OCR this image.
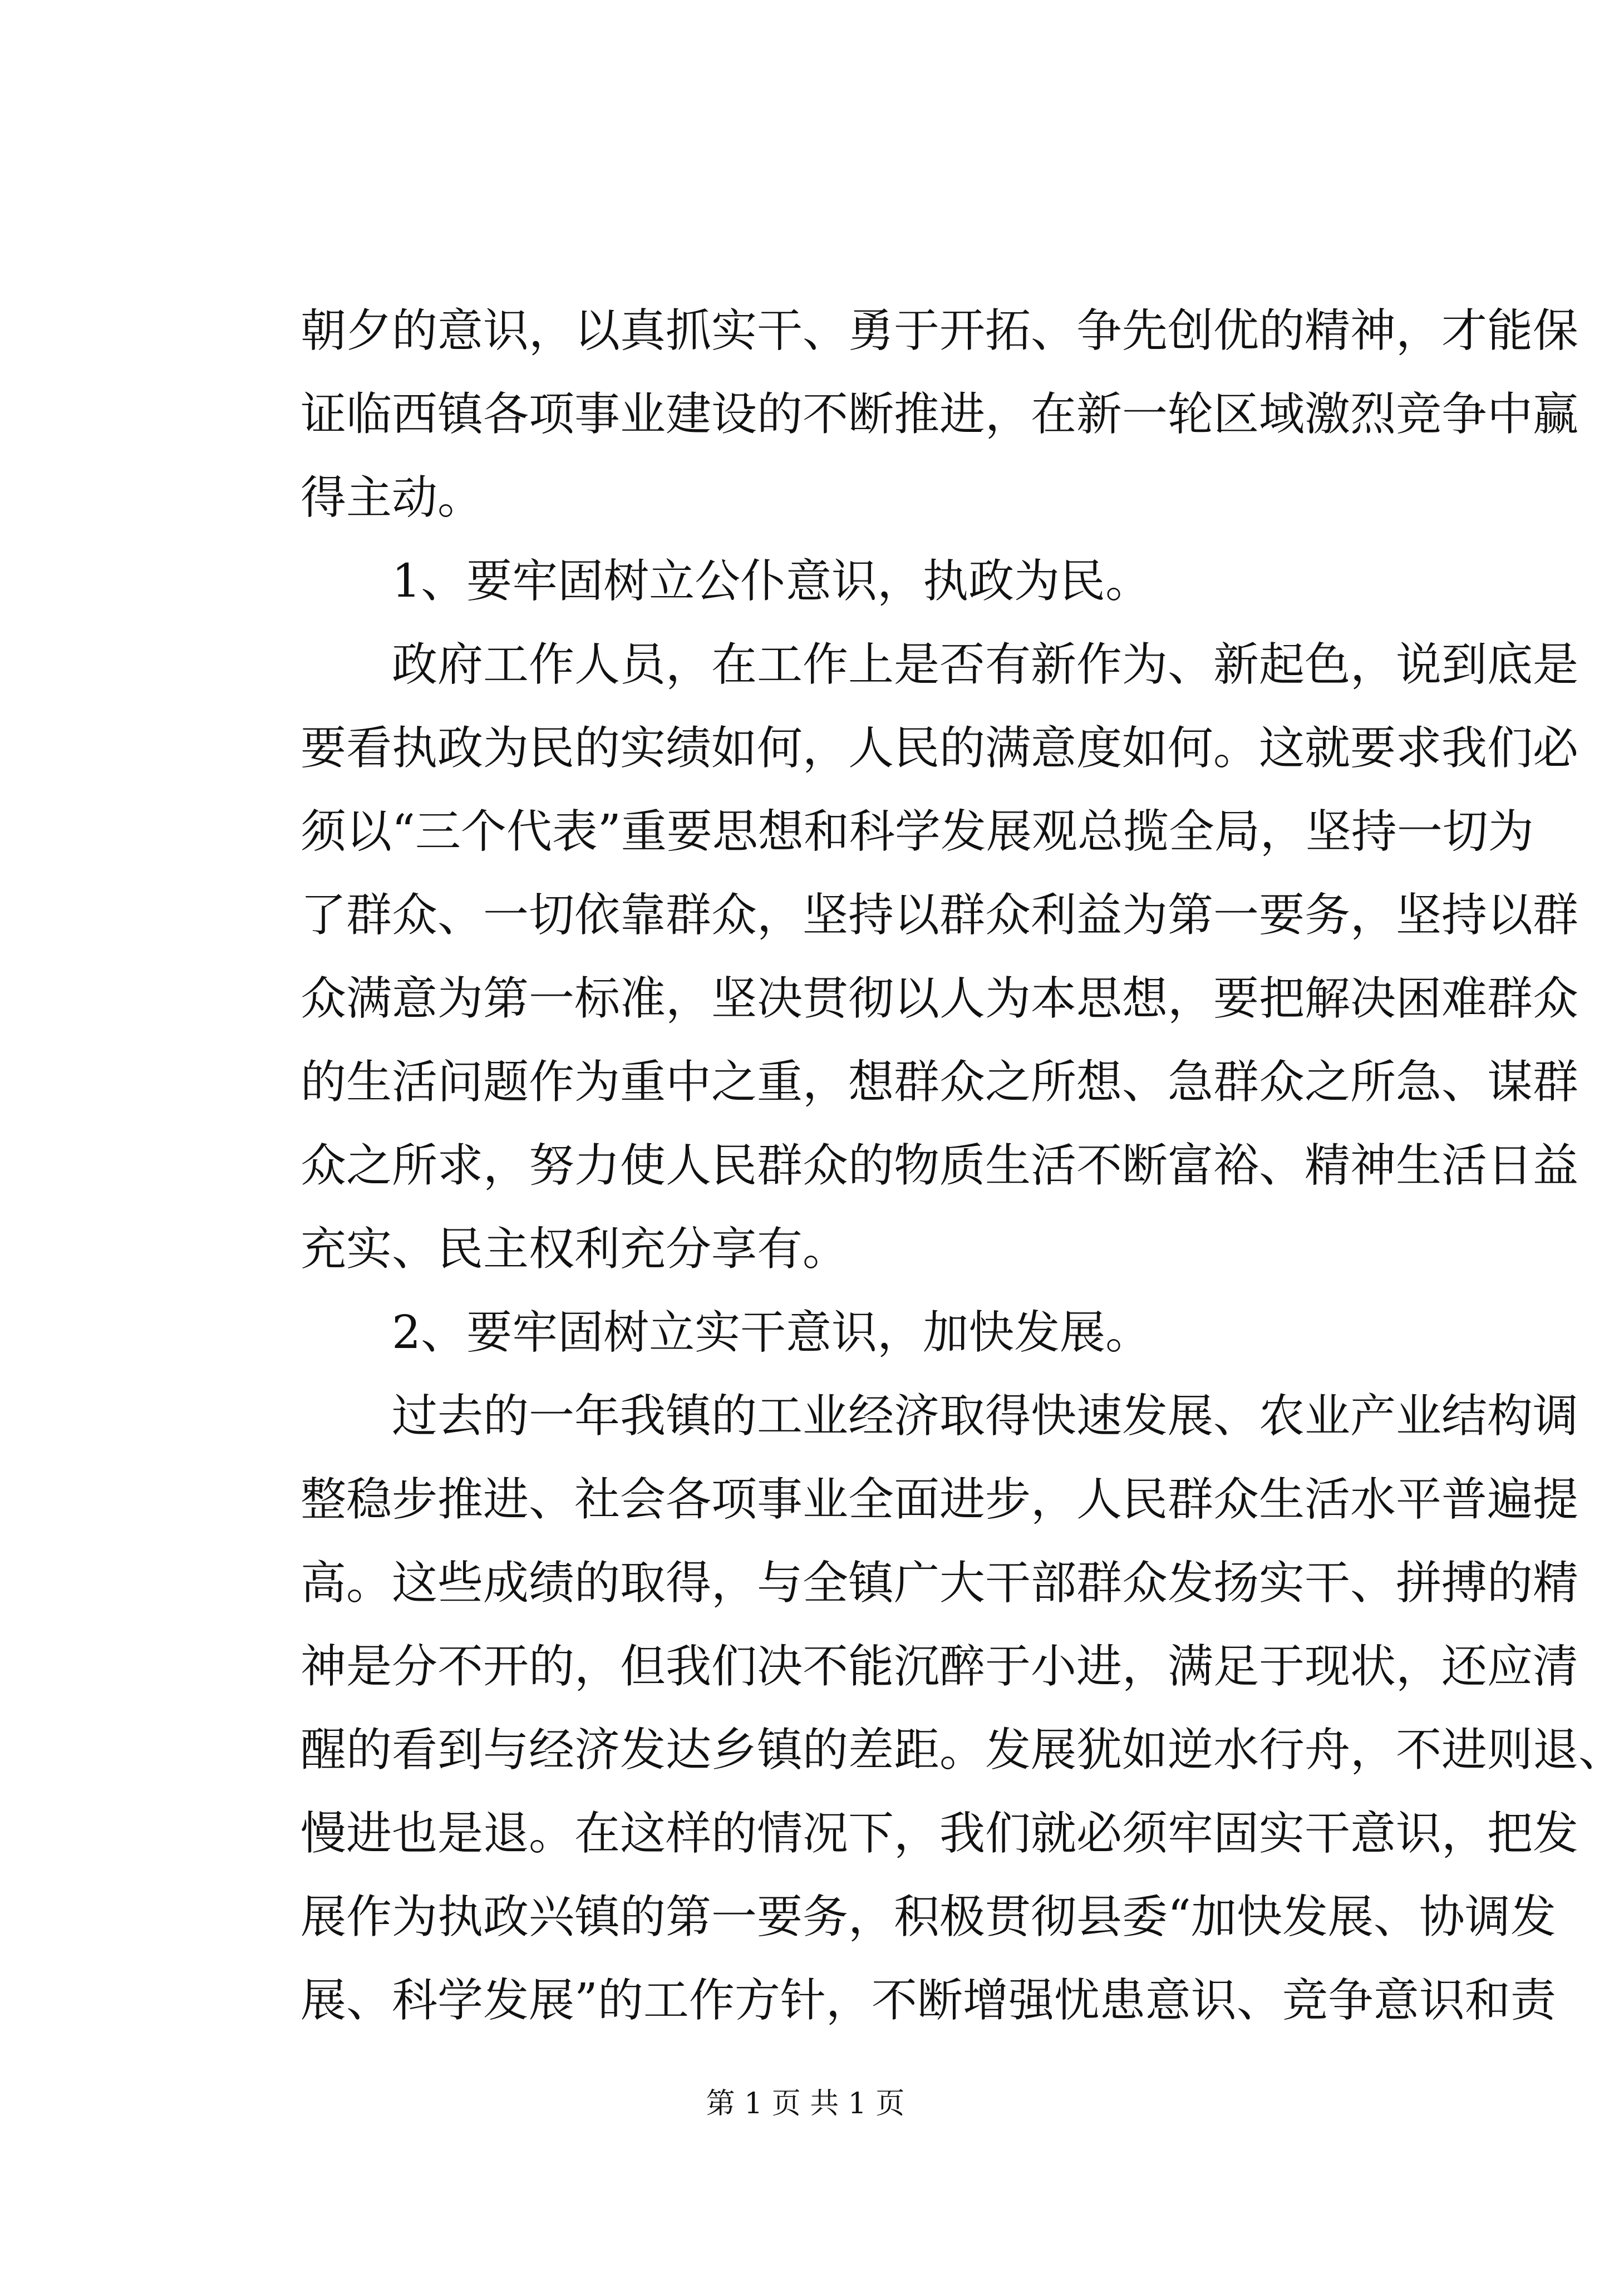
朝夕的意识，以真抓实干、勇于开拓、争先创优的精神，才能保
证临西镇各项事业建设的不断推进，在新一轮区域激烈竞争中赢
得主动。
1、要牢固树立公仆意识，执政为民。
政府工作人员，在工作上是否有新作为、新起色，说到底是
要看执政为民的实绩如何，人民的满意度如何。这就要求我们必
须以“三个代表”重要思想和科学发展观总揽全局，坚持一切为
了群众、一切依靠群众，坚持以群众利益为第一要务，坚持以群
众满意为第一标准，坚决贯彻以人为本思想，要把解决困难群众
的生活问题作为重中之重，想群众之所想、急群众之所急、谋群
众之所求，努力使人民群众的物质生活不断富裕、精神生活日益
充实、民主权利充分享有。
2、要牢固树立实干意识，加快发展。
过去的一年我镇的工业经济取得快速发展、农业产业结构调
整稳步推进、社会各项事业全面进步，人民群众生活水平普遍提
高。这些成绩的取得，与全镇广大干部群众发扬实干、拼搏的精
神是分不开的，但我们决不能沉醉于小进，满足于现状，还应清
醒的看到与经济发达乡镇的差距。发展犹如逆水行舟，不进则退、
慢进也是退。在这样的情况下，我们就必须牢固实干意识，把发
展作为执政兴镇的第一要务，积极贯彻县委“加快发展、协调发
展、科学发展”的工作方针，不断增强忧患意识、竞争意识和责
第 1 页 共 1 页
